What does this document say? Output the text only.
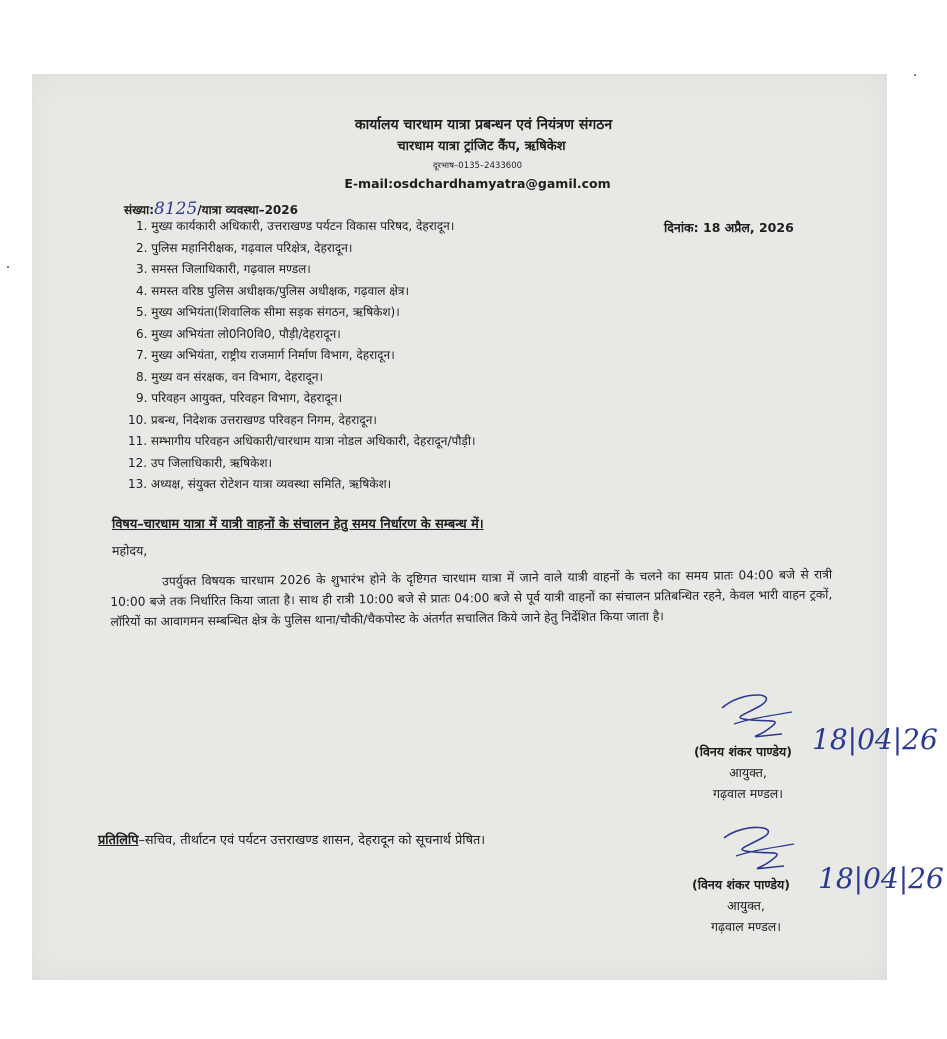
कार्यालय चारधाम यात्रा प्रबन्धन एवं नियंत्रण संगठन
चारधाम यात्रा ट्रांजिट कैंप, ऋषिकेश
दूरभाष–0135–2433600
E-mail:osdchardhamyatra@gamil.com
संख्या:8125/यात्रा व्यवस्था–2026
दिनांक: 18 अप्रैल, 2026
1. मुख्य कार्यकारी अधिकारी, उत्तराखण्ड पर्यटन विकास परिषद, देहरादून।
2. पुलिस महानिरीक्षक, गढ़वाल परिक्षेत्र, देहरादून।
3. समस्त जिलाधिकारी, गढ़वाल मण्डल।
4. समस्त वरिष्ठ पुलिस अधीक्षक/पुलिस अधीक्षक, गढ़वाल क्षेत्र।
5. मुख्य अभियंता(शिवालिक सीमा सड़क संगठन, ऋषिकेश)।
6. मुख्य अभियंता लो0नि0वि0, पौड़ी/देहरादून।
7. मुख्य अभियंता, राष्ट्रीय राजमार्ग निर्माण विभाग, देहरादून।
8. मुख्य वन संरक्षक, वन विभाग, देहरादून।
9. परिवहन आयुक्त, परिवहन विभाग, देहरादून।
10. प्रबन्ध, निदेशक उत्तराखण्ड परिवहन निगम, देहरादून।
11. सम्भागीय परिवहन अधिकारी/चारधाम यात्रा नोडल अधिकारी, देहरादून/पौड़ी।
12. उप जिलाधिकारी, ऋषिकेश।
13. अध्यक्ष, संयुक्त रोटेशन यात्रा व्यवस्था समिति, ऋषिकेश।
विषय–चारधाम यात्रा में यात्री वाहनों के संचालन हेतु समय निर्धारण के सम्बन्ध में।
महोदय,
उपर्युक्त विषयक चारधाम 2026 के शुभारंभ होने के दृष्टिगत चारधाम यात्रा में जाने वाले यात्री वाहनों के चलने का समय प्रातः 04:00 बजे से रात्री 10:00 बजे तक निर्धारित किया जाता है। साथ ही रात्री 10:00 बजे से प्रातः 04:00 बजे से पूर्व यात्री वाहनों का संचालन प्रतिबन्धित रहने, केवल भारी वाहन ट्रकों, लॉरियों का आवागमन सम्बन्धित क्षेत्र के पुलिस थाना/चौकी/चैकपोस्ट के अंतर्गत सचालित किये जाने हेतु निर्देशित किया जाता है।
18|04|26
(विनय शंकर पाण्डेय)
आयुक्त,
गढ़वाल मण्डल।
प्रतिलिपि–सचिव, तीर्थाटन एवं पर्यटन उत्तराखण्ड शासन, देहरादून को सूचनार्थ प्रेषित।
18|04|26
(विनय शंकर पाण्डेय)
आयुक्त,
गढ़वाल मण्डल।
